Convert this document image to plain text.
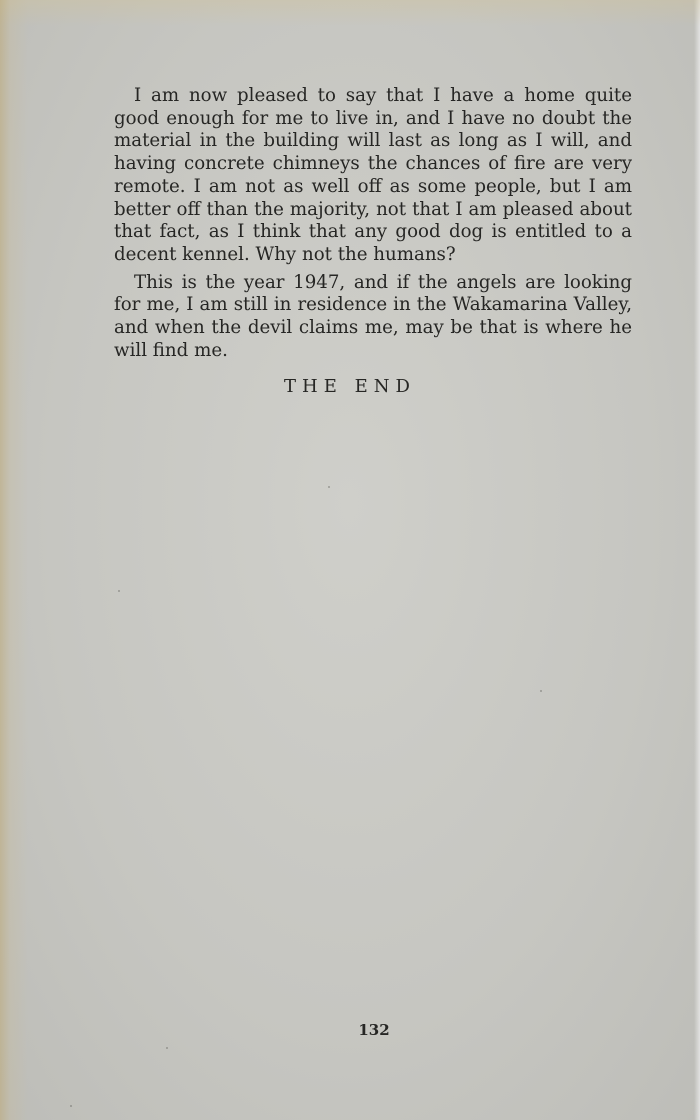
I am now pleased to say that I have a home quite good enough for me to live in, and I have no doubt the material in the building will last as long as I will, and having concrete chimneys the chances of fire are very remote. I am not as well off as some people, but I am better off than the majority, not that I am pleased about that fact, as I think that any good dog is entitled to a decent kennel. Why not the humans?

This is the year 1947, and if the angels are looking for me, I am still in residence in the Wakamarina Valley, and when the devil claims me, may be that is where he will find me.

THE END
132
